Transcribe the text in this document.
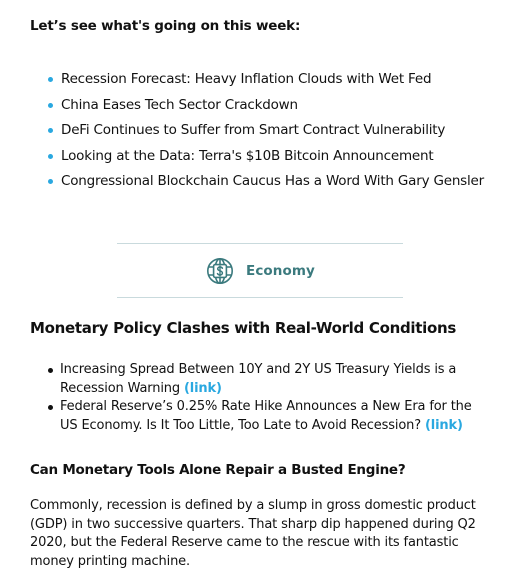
Let’s see what's going on this week:
Recession Forecast: Heavy Inflation Clouds with Wet Fed
China Eases Tech Sector Crackdown
DeFi Continues to Suffer from Smart Contract Vulnerability
Looking at the Data: Terra's $10B Bitcoin Announcement
Congressional Blockchain Caucus Has a Word With Gary Gensler
Economy
Monetary Policy Clashes with Real-World Conditions
Increasing Spread Between 10Y and 2Y US Treasury Yields is a Recession Warning (link)
Federal Reserve’s 0.25% Rate Hike Announces a New Era for the US Economy. Is It Too Little, Too Late to Avoid Recession? (link)
Can Monetary Tools Alone Repair a Busted Engine?

Commonly, recession is defined by a slump in gross domestic product (GDP) in two successive quarters. That sharp dip happened during Q2 2020, but the Federal Reserve came to the rescue with its fantastic money printing machine.
